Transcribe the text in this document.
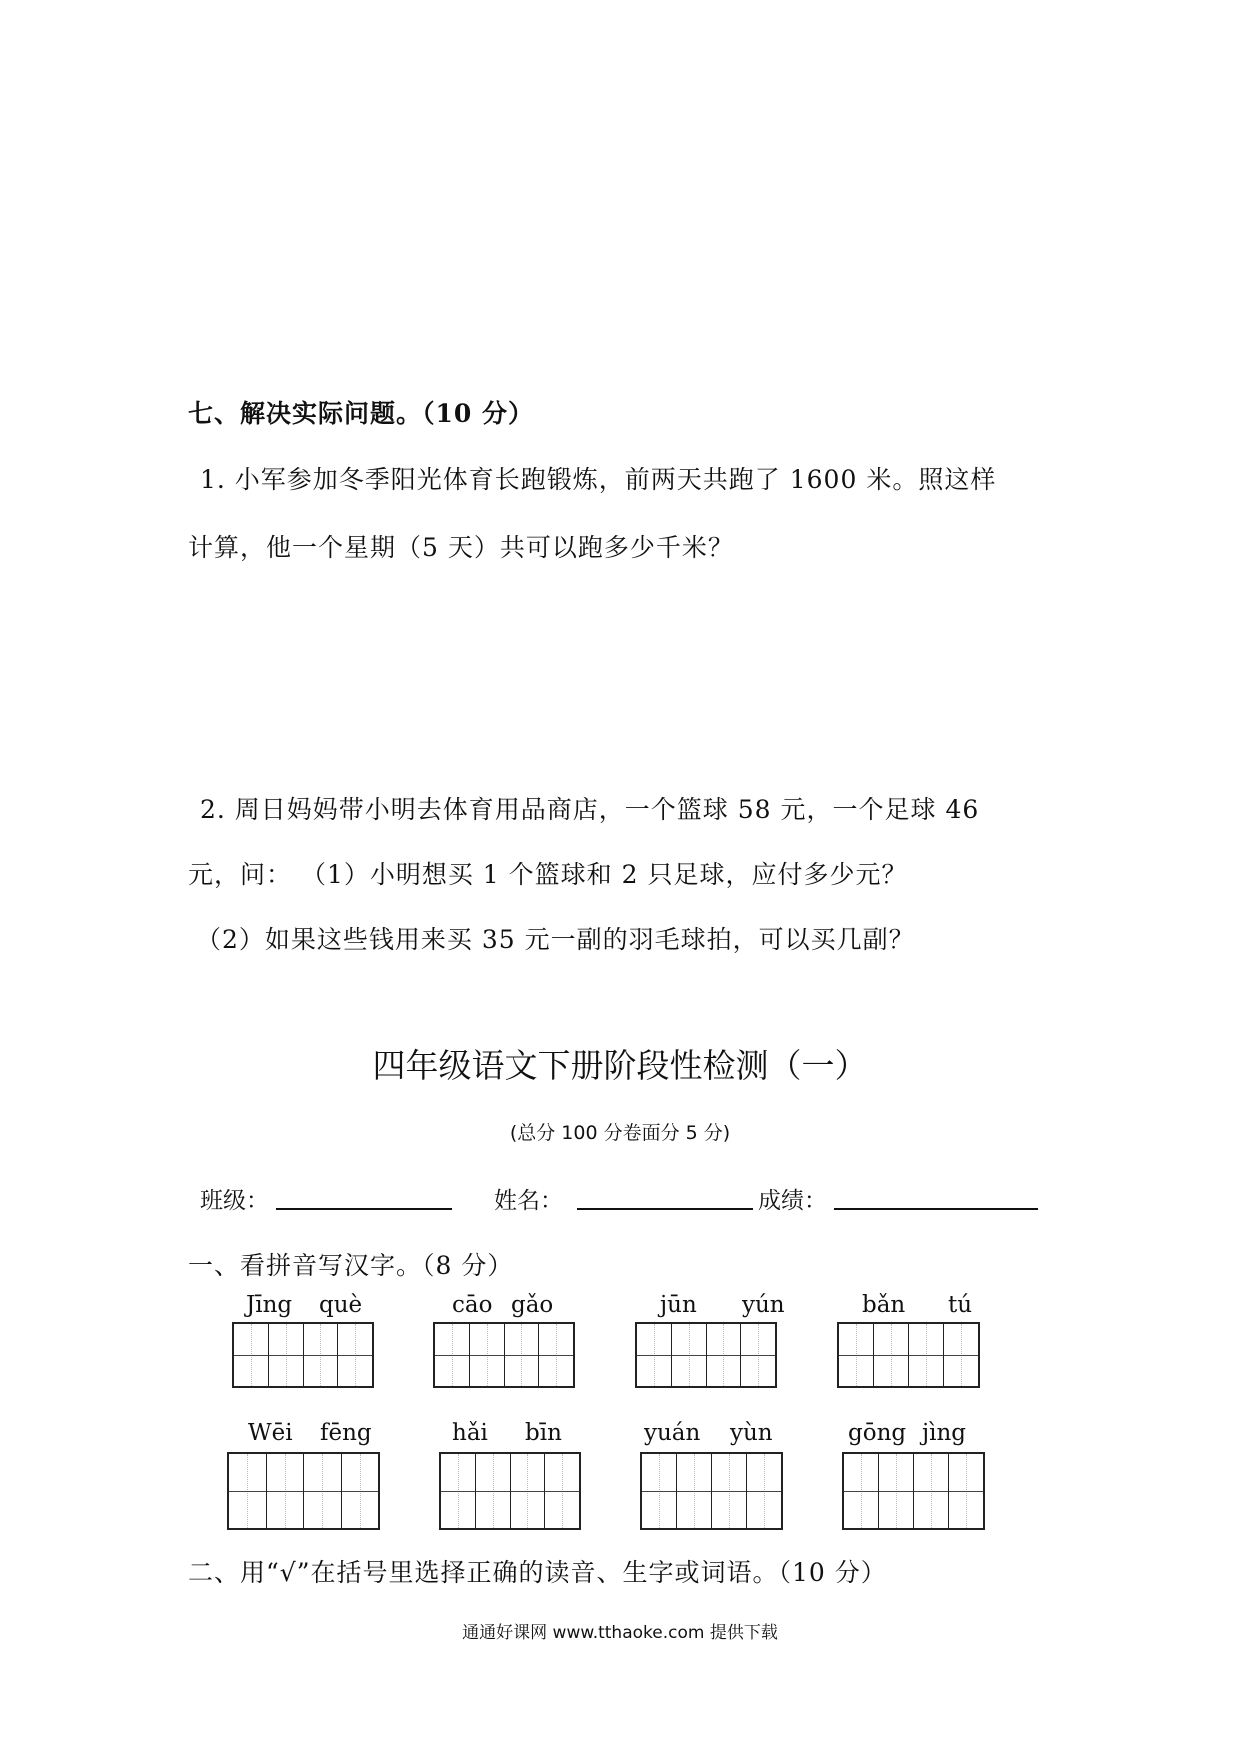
七、解决实际问题。（10 分）
1. 小军参加冬季阳光体育长跑锻炼，前两天共跑了 1600 米。照这样
计算，他一个星期（5 天）共可以跑多少千米？
2. 周日妈妈带小明去体育用品商店，一个篮球 58 元，一个足球 46
元，问： （1）小明想买 1 个篮球和 2 只足球，应付多少元？
（2）如果这些钱用来买 35 元一副的羽毛球拍，可以买几副？
四年级语文下册阶段性检测（一）
(总分 100 分卷面分 5 分)
班级：	姓名：	成绩：
一、看拼音写汉字。（8 分）
Jīng què	cāo gǎo	jūn yún	bǎn tú
Wēi fēng	hǎi bīn	yuán yùn	gōng jìng
二、用“√”在括号里选择正确的读音、生字或词语。（10 分）
通通好课网 www.tthaoke.com 提供下载
